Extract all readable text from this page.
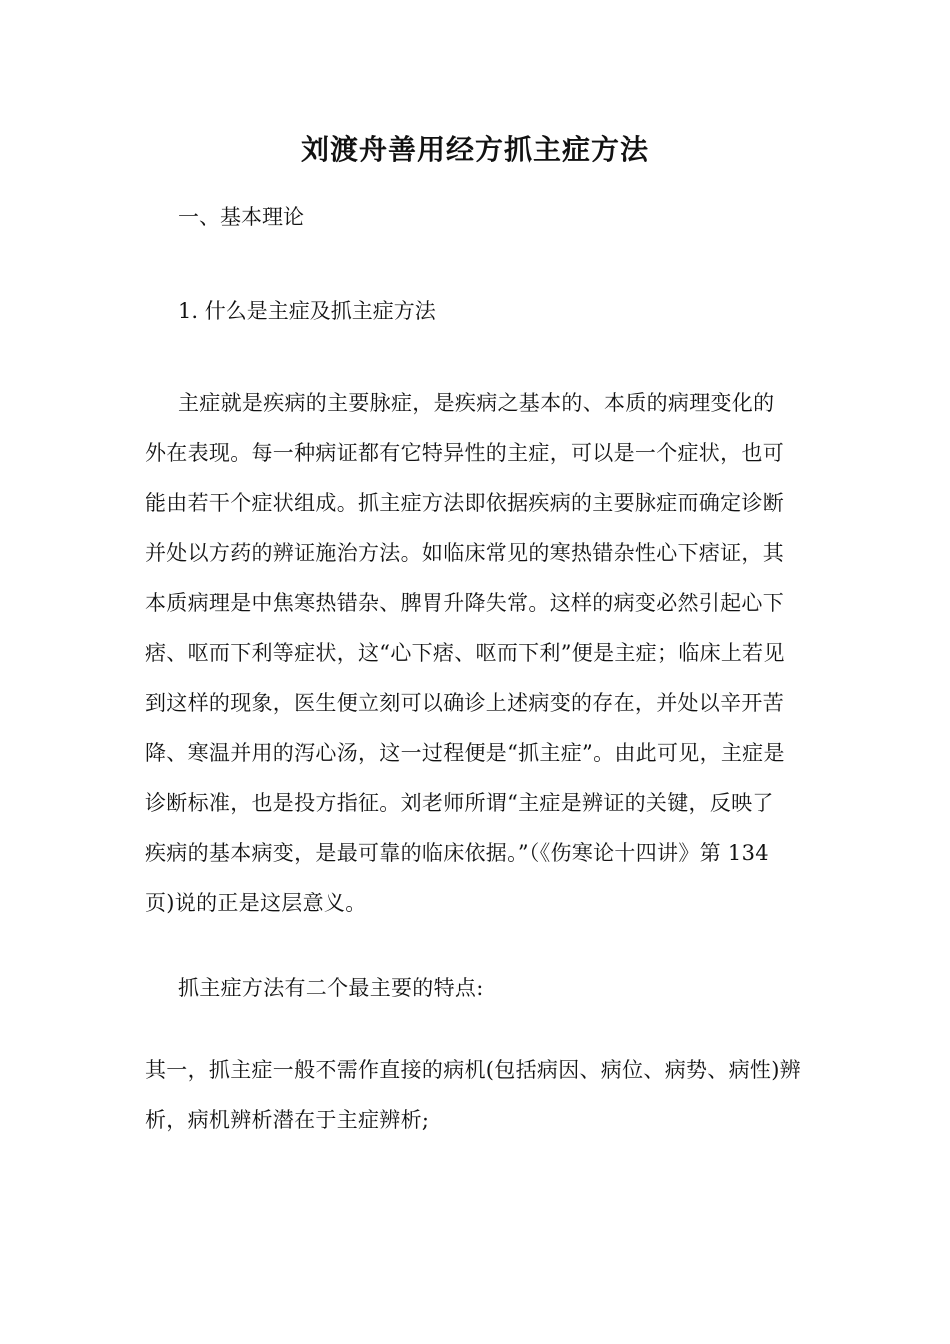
刘渡舟善用经方抓主症方法
一、基本理论
1. 什么是主症及抓主症方法
主症就是疾病的主要脉症，是疾病之基本的、本质的病理变化的
外在表现。每一种病证都有它特异性的主症，可以是一个症状，也可
能由若干个症状组成。抓主症方法即依据疾病的主要脉症而确定诊断
并处以方药的辨证施治方法。如临床常见的寒热错杂性心下痞证，其
本质病理是中焦寒热错杂、脾胃升降失常。这样的病变必然引起心下
痞、呕而下利等症状，这“心下痞、呕而下利”便是主症；临床上若见
到这样的现象，医生便立刻可以确诊上述病变的存在，并处以辛开苦
降、寒温并用的泻心汤，这一过程便是“抓主症”。由此可见，主症是
诊断标准，也是投方指征。刘老师所谓“主症是辨证的关键，反映了
疾病的基本病变，是最可靠的临床依据。”（《伤寒论十四讲》第 134
页)说的正是这层意义。
抓主症方法有二个最主要的特点:
其一，抓主症一般不需作直接的病机(包括病因、病位、病势、病性)辨
析，病机辨析潜在于主症辨析;
